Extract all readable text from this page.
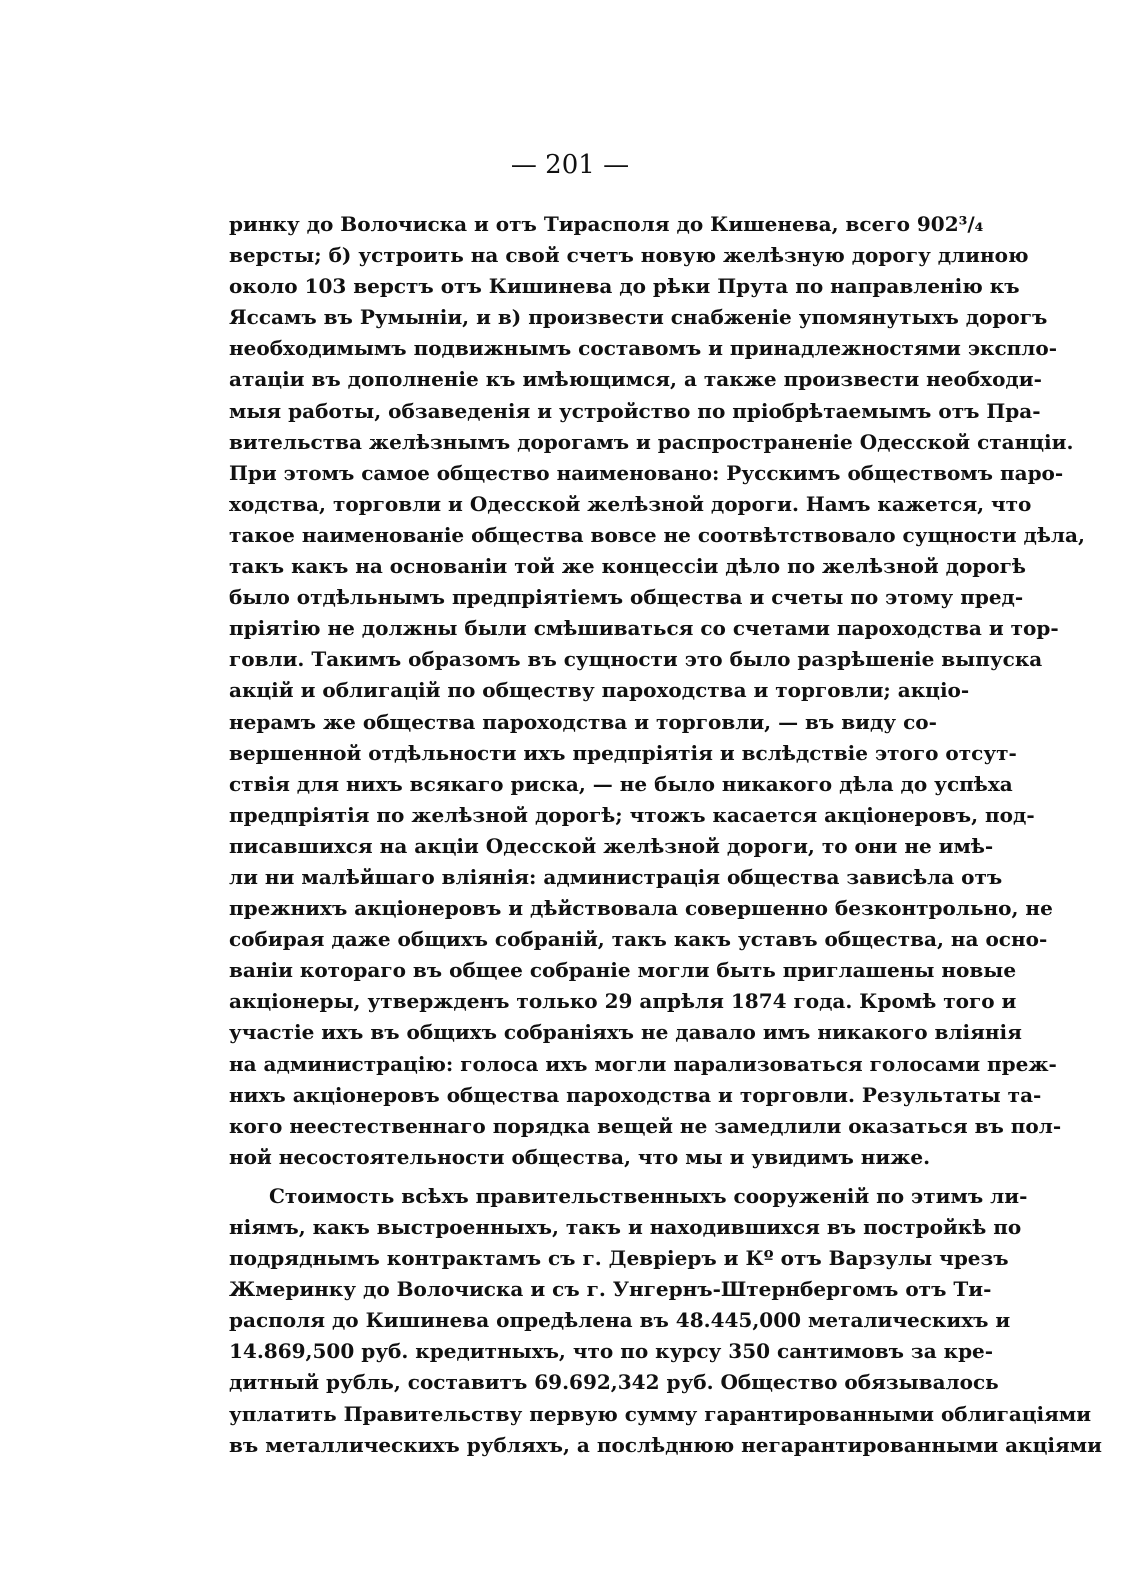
— 201 —
ринку до Волочиска и отъ Тирасполя до Кишенева, всего 902³/₄
версты; б) устроить на свой счетъ новую желѣзную дорогу длиною
около 103 верстъ отъ Кишинева до рѣки Прута по направленію къ
Яссамъ въ Румыніи, и в) произвести снабженіе упомянутыхъ дорогъ
необходимымъ подвижнымъ составомъ и принадлежностями экспло-
атаціи въ дополненіе къ имѣющимся, а также произвести необходи-
мыя работы, обзаведенія и устройство по пріобрѣтаемымъ отъ Пра-
вительства желѣзнымъ дорогамъ и распространеніе Одесской станціи.
При этомъ самое общество наименовано: Русскимъ обществомъ паро-
ходства, торговли и Одесской желѣзной дороги. Намъ кажется, что
такое наименованіе общества вовсе не соотвѣтствовало сущности дѣла,
такъ какъ на основаніи той же концессіи дѣло по желѣзной дорогѣ
было отдѣльнымъ предпріятіемъ общества и счеты по этому пред-
пріятію не должны были смѣшиваться со счетами пароходства и тор-
говли. Такимъ образомъ въ сущности это было разрѣшеніе выпуска
акцій и облигацій по обществу пароходства и торговли; акціо-
нерамъ же общества пароходства и торговли, — въ виду со-
вершенной отдѣльности ихъ предпріятія и вслѣдствіе этого отсут-
ствія для нихъ всякаго риска, — не было никакого дѣла до успѣха
предпріятія по желѣзной дорогѣ; чтожъ касается акціонеровъ, под-
писавшихся на акціи Одесской желѣзной дороги, то они не имѣ-
ли ни малѣйшаго вліянія: администрація общества зависѣла отъ
прежнихъ акціонеровъ и дѣйствовала совершенно безконтрольно, не
собирая даже общихъ собраній, такъ какъ уставъ общества, на осно-
ваніи котораго въ общее собраніе могли быть приглашены новые
акціонеры, утвержденъ только 29 апрѣля 1874 года. Кромѣ того и
участіе ихъ въ общихъ собраніяхъ не давало имъ никакого вліянія
на администрацію: голоса ихъ могли парализоваться голосами преж-
нихъ акціонеровъ общества пароходства и торговли. Результаты та-
кого неестественнаго порядка вещей не замедлили оказаться въ пол-
ной несостоятельности общества, что мы и увидимъ ниже.
Стоимость всѣхъ правительственныхъ сооруженій по этимъ ли-
ніямъ, какъ выстроенныхъ, такъ и находившихся въ постройкѣ по
подряднымъ контрактамъ съ г. Девріеръ и Кº отъ Варзулы чрезъ
Жмеринку до Волочиска и съ г. Унгернъ-Штернбергомъ отъ Ти-
располя до Кишинева опредѣлена въ 48.445,000 металическихъ и
14.869,500 руб. кредитныхъ, что по курсу 350 сантимовъ за кре-
дитный рубль, составитъ 69.692,342 руб. Общество обязывалось
уплатить Правительству первую сумму гарантированными облигаціями
въ металлическихъ рубляхъ, а послѣднюю негарантированными акціями
